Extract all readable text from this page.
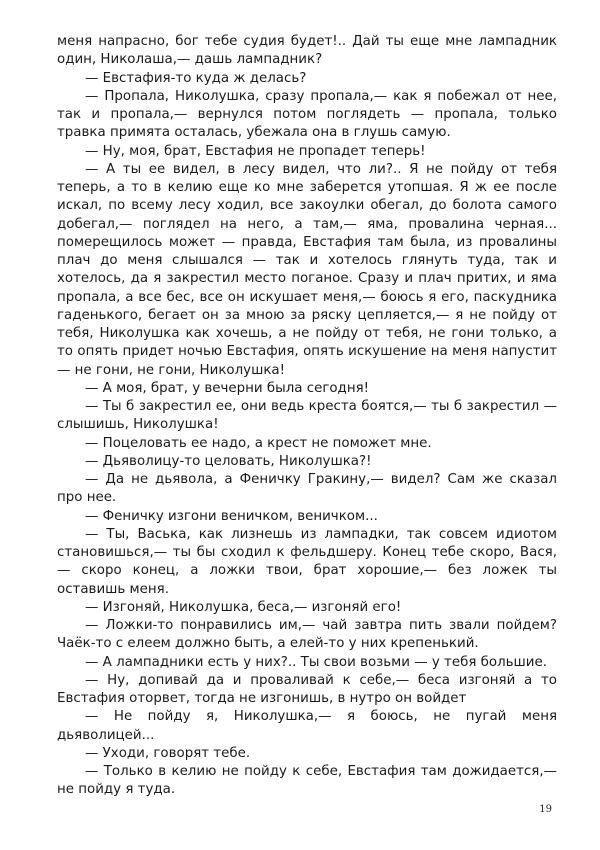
меня напрасно, бог тебе судия будет!.. Дай ты еще мне лампадник один, Николаша,— дашь лампадник?

— Евстафия-то куда ж делась?

— Пропала, Николушка, сразу пропала,— как я побежал от нее, так и пропала,— вернулся потом поглядеть — пропала, только травка примята осталась, убежала она в глушь самую.

— Ну, моя, брат, Евстафия не пропадет теперь!

— А ты ее видел, в лесу видел, что ли?.. Я не пойду от тебя теперь, а то в келию еще ко мне заберется утопшая. Я ж ее после искал, по всему лесу ходил, все закоулки обегал, до болота самого добегал,— поглядел на него, а там,— яма, провалина черная... померещилось может — правда, Евстафия там была, из провалины плач до меня слышался — так и хотелось глянуть туда, так и хотелось, да я закрестил место поганое. Сразу и плач притих, и яма пропала, а все бес, все он искушает меня,— боюсь я его, паскудника гаденького, бегает он за мною за ряску цепляется,— я не пойду от тебя, Николушка как хочешь, а не пойду от тебя, не гони только, а то опять придет ночью Евстафия, опять искушение на меня напустит — не гони, не гони, Николушка!

— А моя, брат, у вечерни была сегодня!

— Ты б закрестил ее, они ведь креста боятся,— ты б закрестил — слышишь, Николушка!

— Поцеловать ее надо, а крест не поможет мне.

— Дьяволицу-то целовать, Николушка?!

— Да не дьявола, а Феничку Гракину,— видел? Сам же сказал про нее.

— Феничку изгони веничком, веничком...

— Ты, Васька, как лизнешь из лампадки, так совсем идиотом становишься,— ты бы сходил к фельдшеру. Конец тебе скоро, Вася,— скоро конец, а ложки твои, брат хорошие,— без ложек ты оставишь меня.

— Изгоняй, Николушка, беса,— изгоняй его!

— Ложки-то понравились им,— чай завтра пить звали пойдем? Чаёк-то с елеем должно быть, а елей-то у них крепенький.

— А лампадники есть у них?.. Ты свои возьми — у тебя большие.

— Ну, допивай да и проваливай к себе,— беса изгоняй а то Евстафия оторвет, тогда не изгонишь, в нутро он войдет

— Не пойду я, Николушка,— я боюсь, не пугай меня дьяволицей...

— Уходи, говорят тебе.

— Только в келию не пойду к себе, Евстафия там дожидается,— не пойду я туда.

19
